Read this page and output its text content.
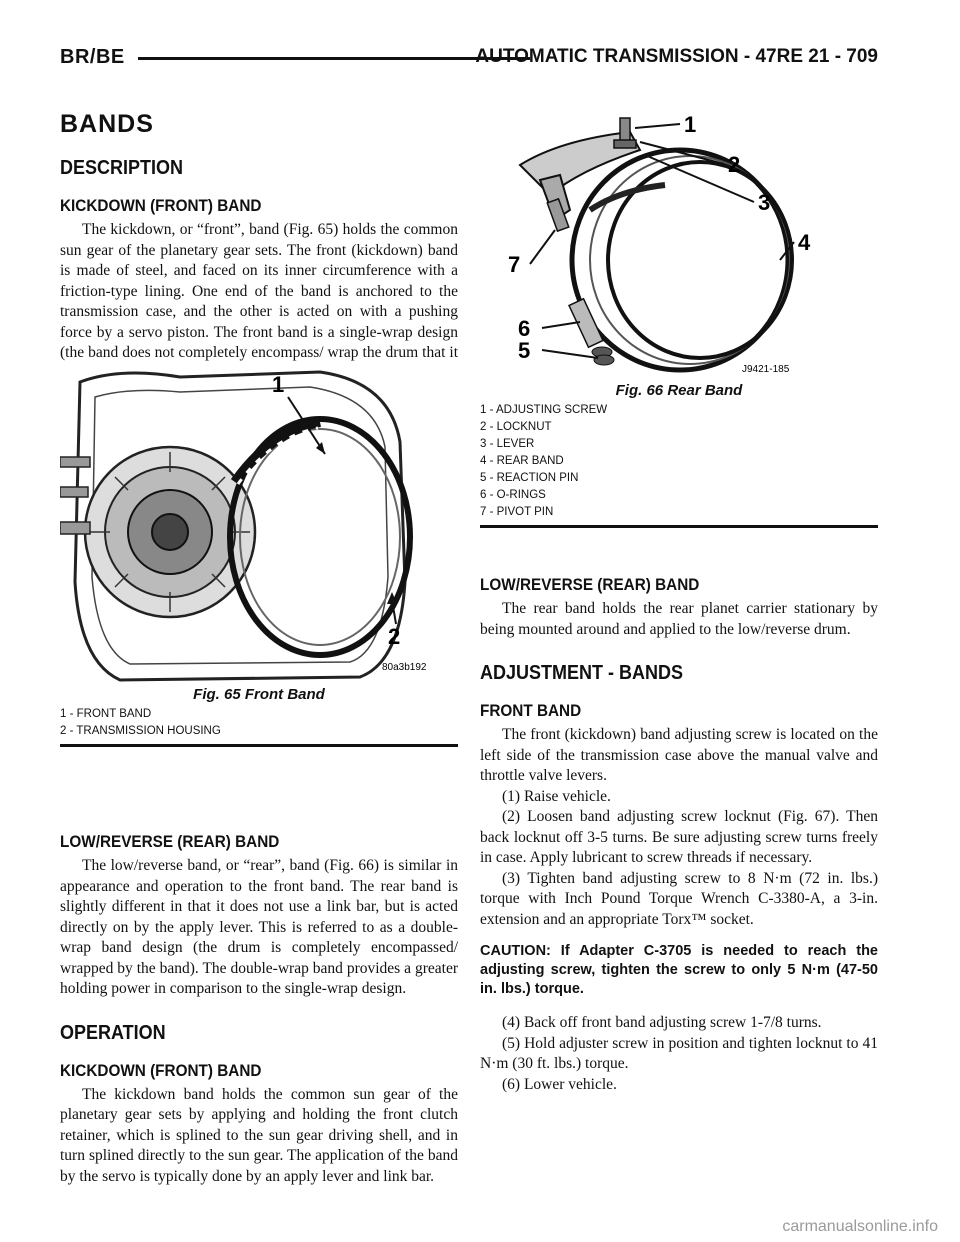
BR/BE	AUTOMATIC TRANSMISSION - 47RE 21 - 709
BANDS
DESCRIPTION
KICKDOWN (FRONT) BAND

The kickdown, or “front”, band (Fig. 65) holds the common sun gear of the planetary gear sets. The front (kickdown) band is made of steel, and faced on its inner circumference with a friction-type lining. One end of the band is anchored to the transmission case, and the other is acted on with a pushing force by a servo piston. The front band is a single-wrap design (the band does not completely encompass/ wrap the drum that it

LOW/REVERSE (REAR) BAND

The low/reverse band, or “rear”, band (Fig. 66) is similar in appearance and operation to the front band. The rear band is slightly different in that it does not use a link bar, but is acted directly on by the apply lever. This is referred to as a double-wrap band design (the drum is completely encompassed/ wrapped by the band). The double-wrap band provides a greater holding power in comparison to the single-wrap design.

OPERATION
KICKDOWN (FRONT) BAND

The kickdown band holds the common sun gear of the planetary gear sets by applying and holding the front clutch retainer, which is splined to the sun gear driving shell, and in turn splined directly to the sun gear. The application of the band by the servo is typically done by an apply lever and link bar.

1
2
80a3b192
Fig. 65 Front Band
1 - FRONT BAND
2 - TRANSMISSION HOUSING
1
2
3
4
5
6
7
J9421-185
Fig. 66 Rear Band
1 - ADJUSTING SCREW
2 - LOCKNUT
3 - LEVER
4 - REAR BAND
5 - REACTION PIN
6 - O-RINGS
7 - PIVOT PIN
LOW/REVERSE (REAR) BAND

The rear band holds the rear planet carrier stationary by being mounted around and applied to the low/reverse drum.

ADJUSTMENT - BANDS
FRONT BAND

The front (kickdown) band adjusting screw is located on the left side of the transmission case above the manual valve and throttle valve levers.

(1) Raise vehicle.

(2) Loosen band adjusting screw locknut (Fig. 67). Then back locknut off 3-5 turns. Be sure adjusting screw turns freely in case. Apply lubricant to screw threads if necessary.

(3) Tighten band adjusting screw to 8 N·m (72 in. lbs.) torque with Inch Pound Torque Wrench C-3380-A, a 3-in. extension and an appropriate Torx™ socket.

CAUTION: If Adapter C-3705 is needed to reach the adjusting screw, tighten the screw to only 5 N·m (47-50 in. lbs.) torque.

(4) Back off front band adjusting screw 1-7/8 turns.

(5) Hold adjuster screw in position and tighten locknut to 41 N·m (30 ft. lbs.) torque.

(6) Lower vehicle.

carmanualsonline.info
